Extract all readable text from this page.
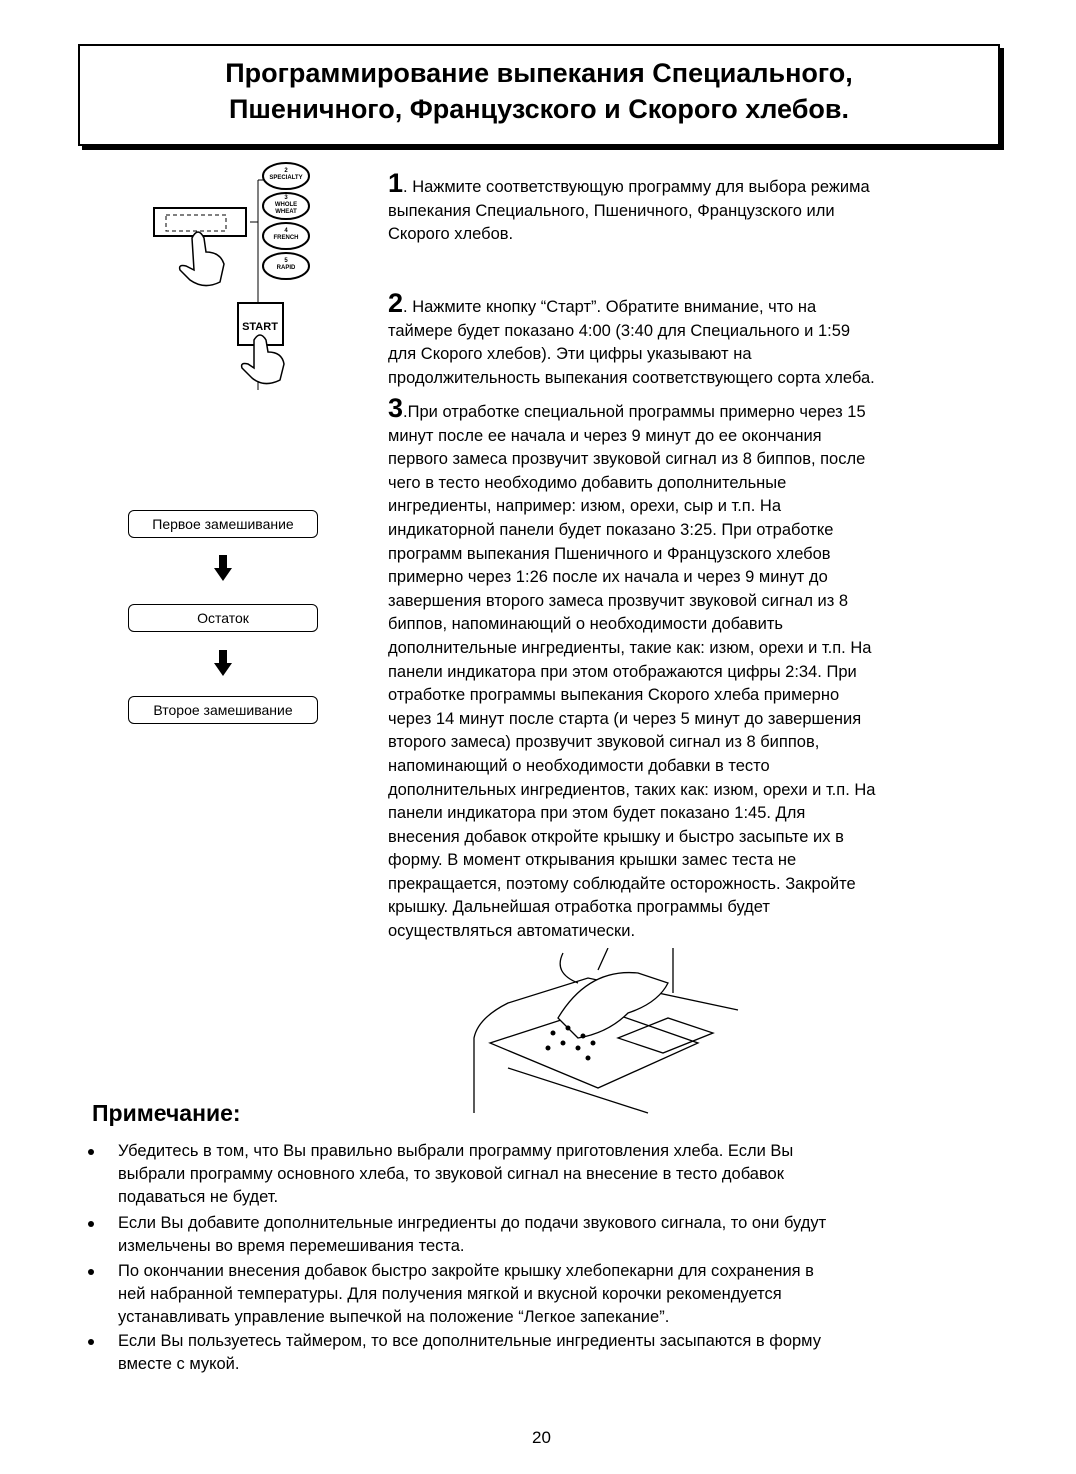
Программирование выпекания Специального,
Пшеничного, Французского и Скорого хлебов.
2
SPECIALTY
3
WHOLE
WHEAT
4
FRENCH
5
RAPID
START
1. Нажмите соответствующую программу для выбора режима
выпекания Специального, Пшеничного, Французского или
Скорого хлебов.
2. Нажмите кнопку “Старт”. Обратите внимание, что на
таймере будет показано 4:00 (3:40 для Специального и 1:59
для Скорого хлебов). Эти цифры указывают на
продолжительность выпекания соответствующего сорта хлеба.
3.При отработке специальной программы примерно через 15
минут после ее начала и через 9 минут до ее окончания
первого замеса прозвучит звуковой сигнал из 8 биппов, после
чего в тесто необходимо добавить дополнительные
ингредиенты, например: изюм, орехи, сыр и т.п. На
индикаторной панели будет показано 3:25. При отработке
программ выпекания Пшеничного и Французского хлебов
примерно через 1:26 после их начала и через 9 минут до
завершения второго замеса прозвучит звуковой сигнал из 8
биппов, напоминающий о необходимости добавить
дополнительные ингредиенты, такие как: изюм, орехи и т.п. На
панели индикатора при этом отображаются цифры 2:34. При
отработке программы выпекания Скорого хлеба примерно
через 14 минут после старта (и через 5 минут до завершения
второго замеса) прозвучит звуковой сигнал из 8 биппов,
напоминающий о необходимости добавки в тесто
дополнительных ингредиентов, таких как: изюм, орехи и т.п. На
панели индикатора при этом будет показано 1:45. Для
внесения добавок откройте крышку и быстро засыпьте их в
форму. В момент открывания крышки замес теста не
прекращается, поэтому соблюдайте осторожность. Закройте
крышку. Дальнейшая отработка программы будет
осуществляться автоматически.
Первое замешивание
Остаток
Второе замешивание
Примечание:
Убедитесь в том, что Вы правильно выбрали программу приготовления хлеба. Если Вы
выбрали программу основного хлеба, то звуковой сигнал на внесение в тесто добавок
подаваться не будет.
Если Вы добавите дополнительные ингредиенты до подачи звукового сигнала, то они будут
измельчены во время перемешивания теста.
По окончании внесения добавок быстро закройте крышку хлебопекарни для сохранения в
ней набранной температуры. Для получения мягкой и вкусной корочки рекомендуется
устанавливать управление выпечкой на положение “Легкое запекание”.
Если Вы пользуетесь таймером, то все дополнительные ингредиенты засыпаются в форму
вместе с мукой.
20
